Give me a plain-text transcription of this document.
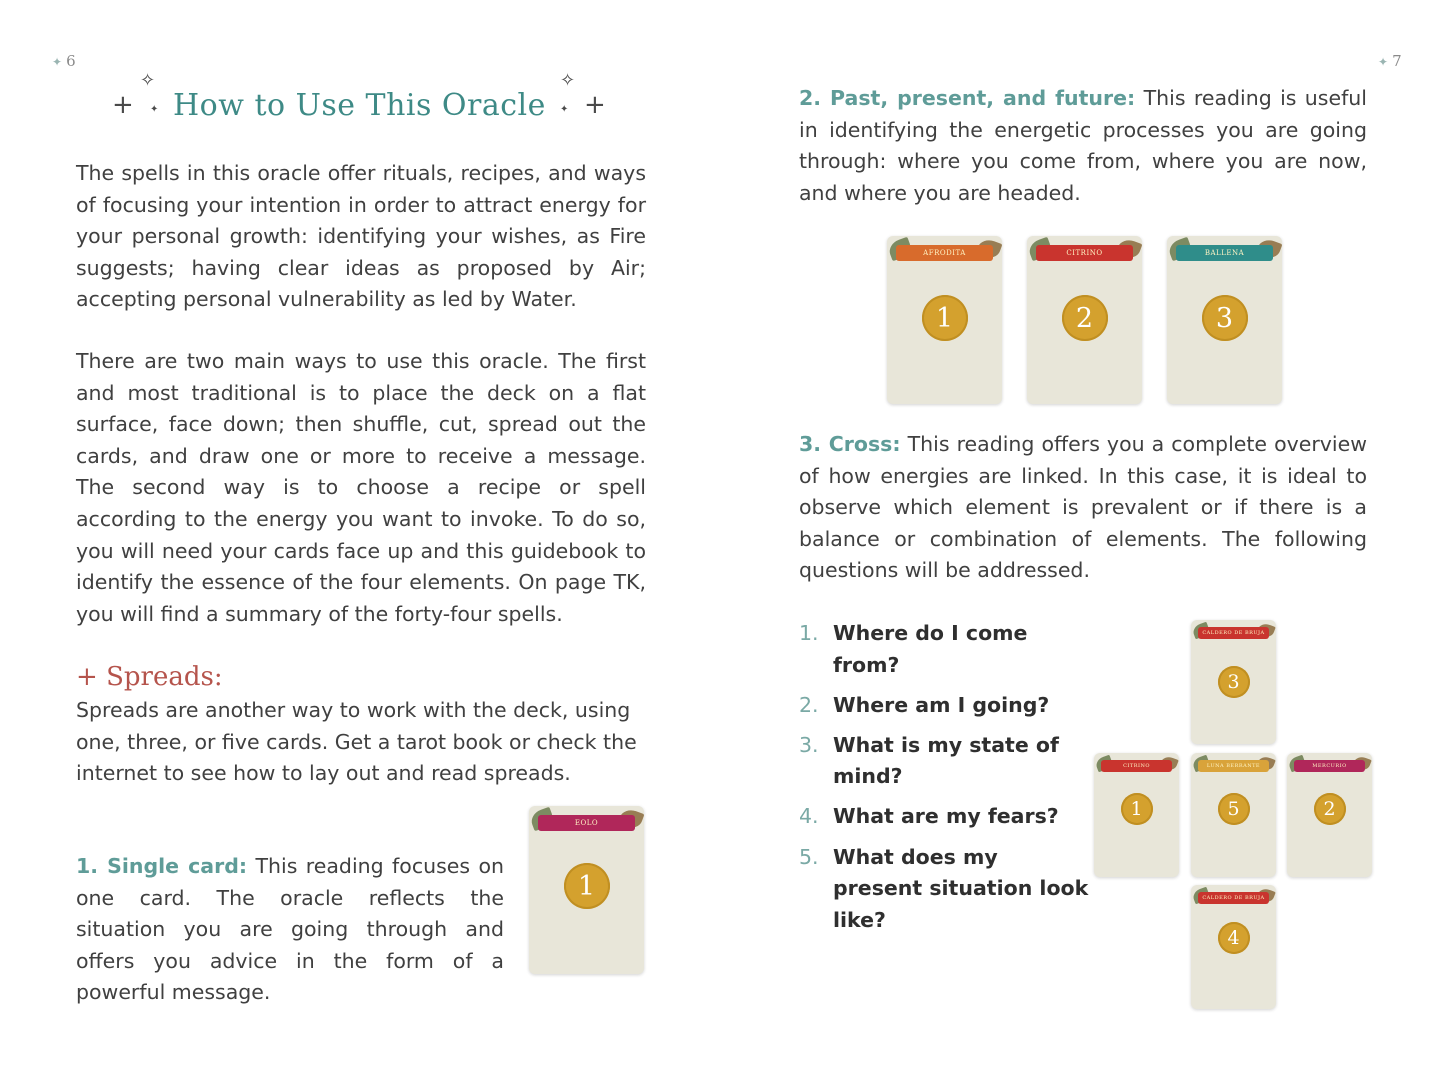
✦ 6
✧
+ ✦ How to Use This Oracle
✧
+
✦

The spells in this oracle offer rituals, recipes, and ways of focusing your intention in order to attract energy for your personal growth: identifying your wishes, as Fire suggests; having clear ideas as proposed by Air; accepting personal vulnerability as led by Water.

There are two main ways to use this oracle. The first and most traditional is to place the deck on a flat surface, face down; then shuffle, cut, spread out the cards, and draw one or more to receive a message. The second way is to choose a recipe or spell according to the energy you want to invoke. To do so, you will need your cards face up and this guidebook to identify the essence of the four elements. On page TK, you will find a summary of the forty-four spells.

+ Spreads:

Spreads are another way to work with the deck, using one, three, or five cards. Get a tarot book or check the internet to see how to lay out and read spreads.

1. Single card: This reading focuses on one card. The oracle reflects the situation you are going through and offers you advice in the form of a powerful message.

EOLO
1
✦ 7

2. Past, present, and future: This reading is useful in identifying the energetic processes you are going through: where you come from, where you are now, and where you are headed.

AFRODITA
1
CITRINO
2
BALLENA
3

3. Cross: This reading offers you a complete overview of how energies are linked. In this case, it is ideal to observe which element is prevalent or if there is a balance or combination of elements. The following questions will be addressed.

1. Where do I come from?
2. Where am I going?
3. What is my state of mind?
4. What are my fears?
5. What does my present situation look like?
CALDERO DE BRUJA
3
CITRINO
1
LUNA BERRANTE
5
MERCURIO
2
CALDERO DE BRUJA
4
